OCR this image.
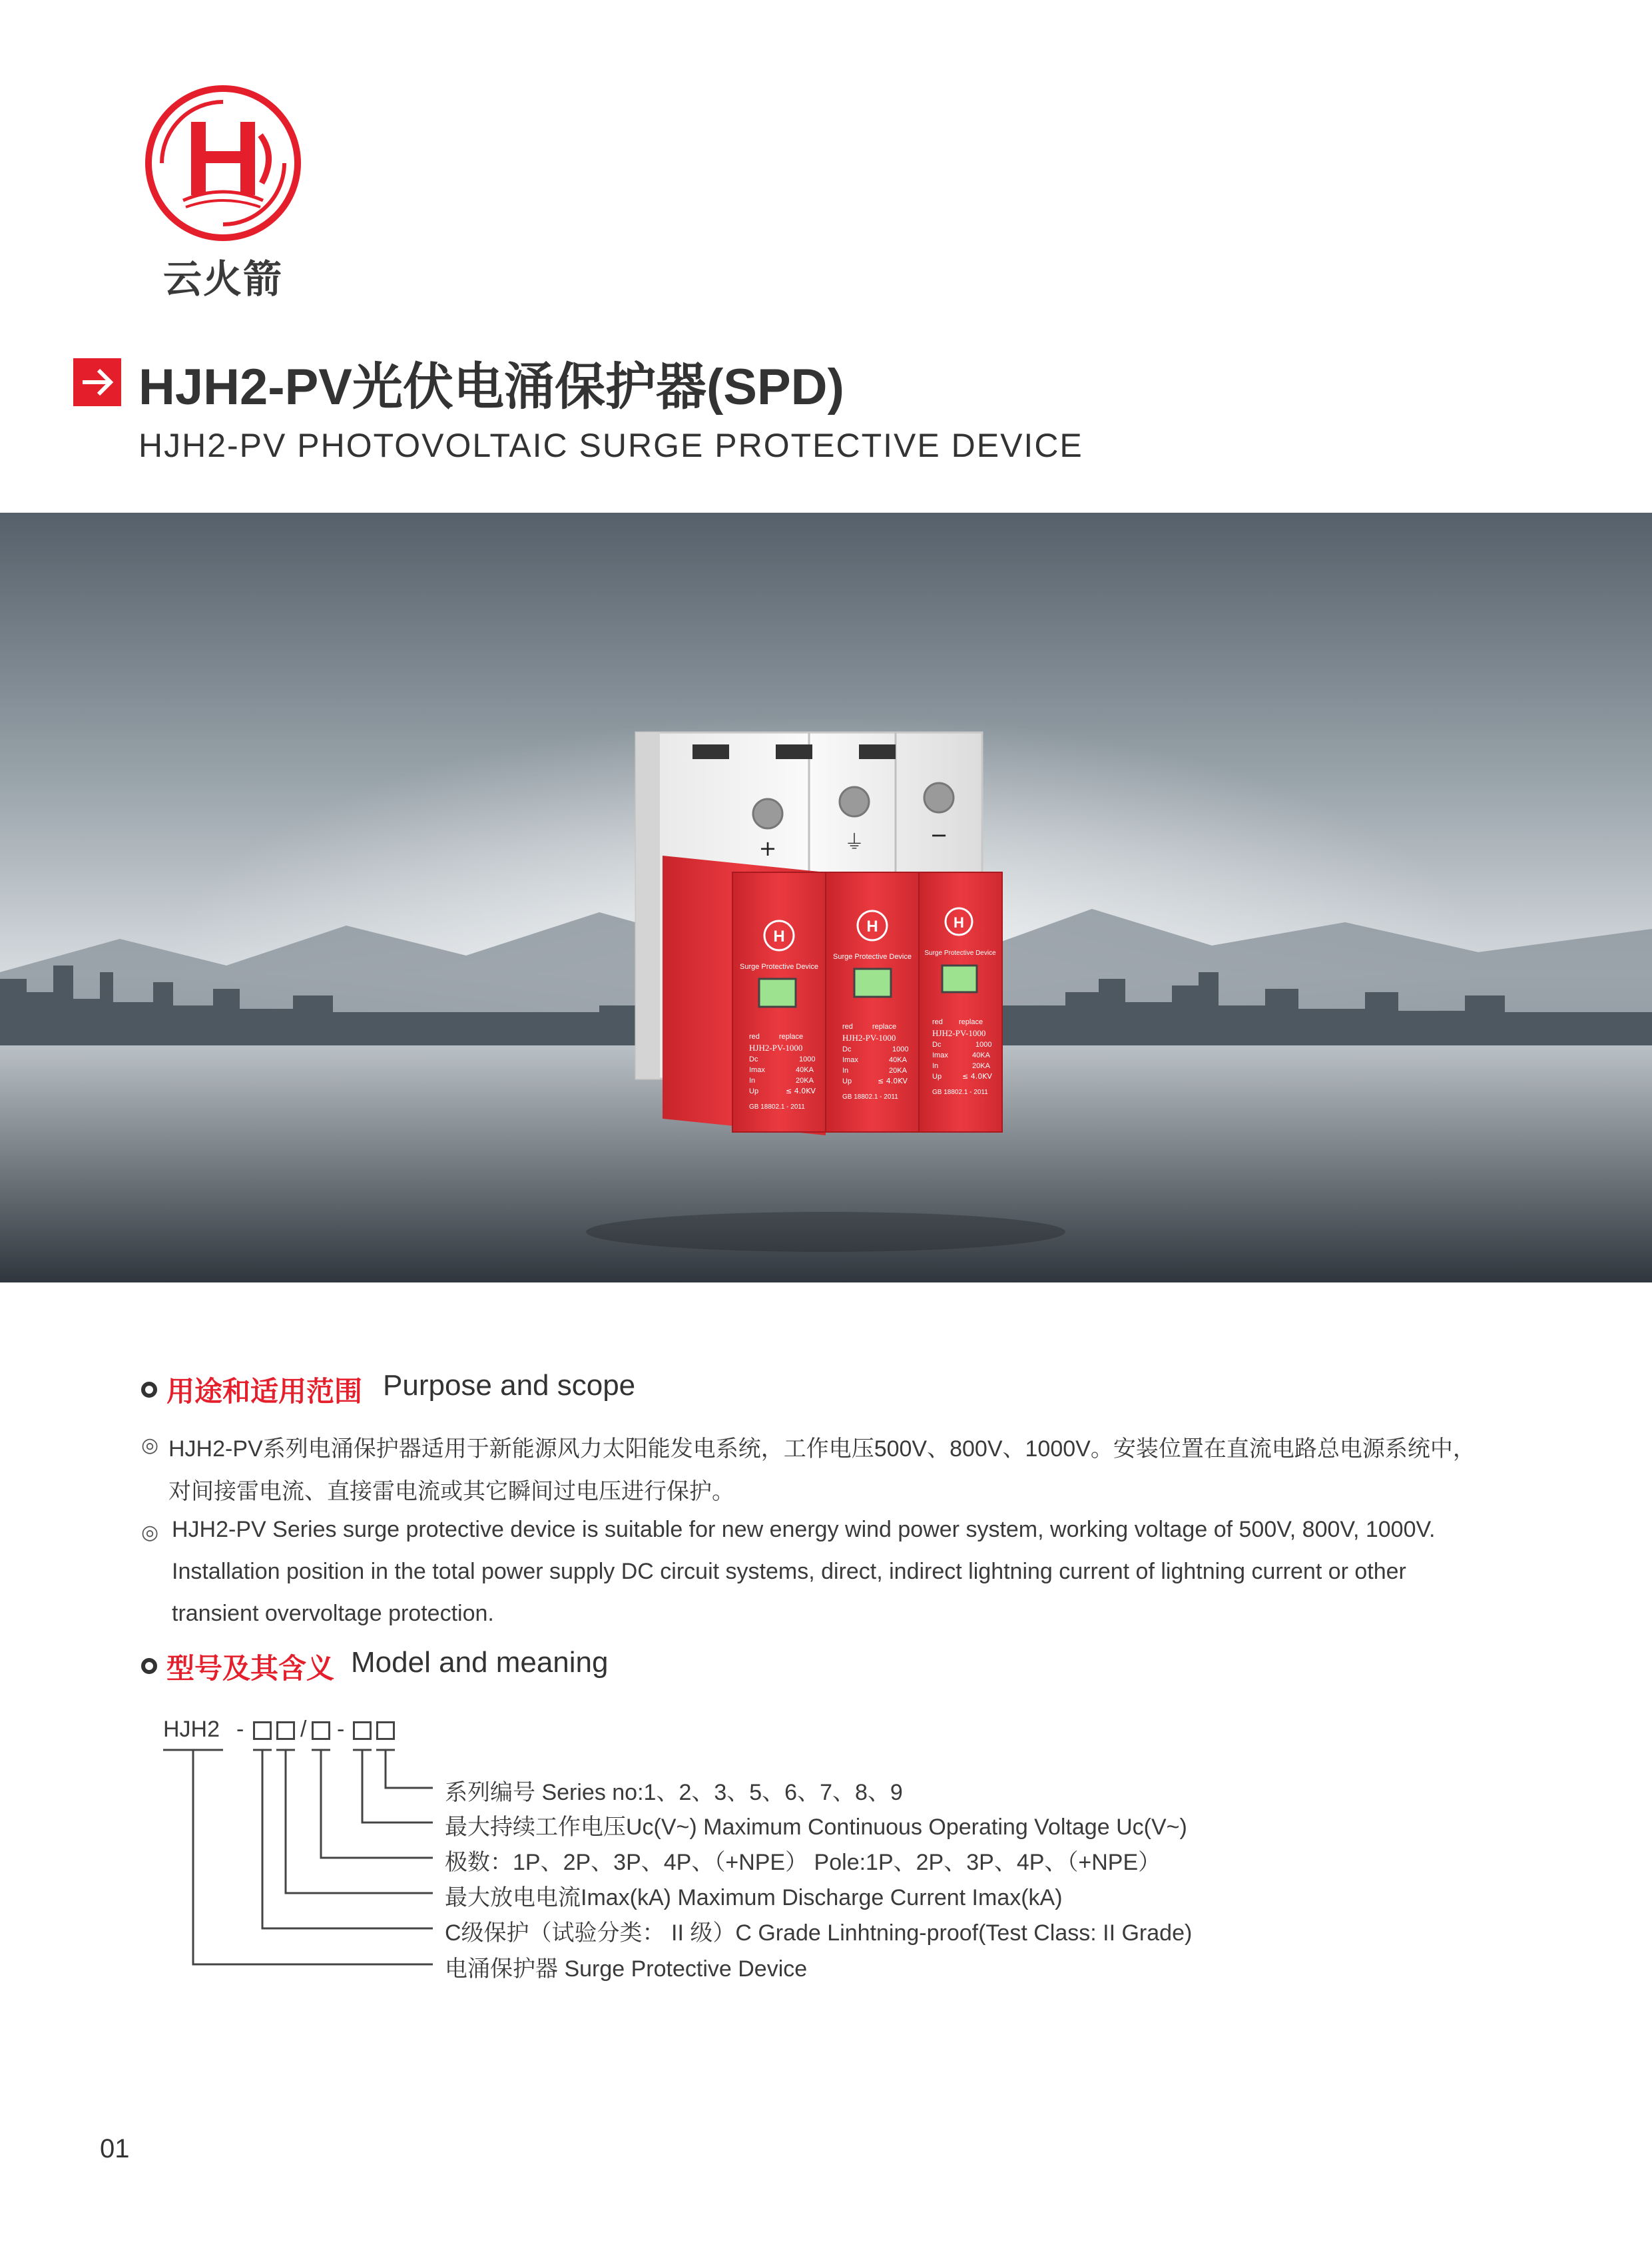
云火箭
HJH2-PV光伏电涌保护器(SPD)
HJH2-PV PHOTOVOLTAIC SURGE PROTECTIVE DEVICE
+	⏚	−
H
Surge Protective Device
red	replace
HJH2-PV-1000
Dc	1000
Imax	40KA
In	20KA
Up	≤ 4.0KV
GB 18802.1 - 2011
H
Surge Protective Device
red	replace
HJH2-PV-1000
Dc	1000
Imax	40KA
In	20KA
Up	≤ 4.0KV
GB 18802.1 - 2011
H
Surge Protective Device
red replace
HJH2-PV-1000
Dc	1000
Imax	40KA
In	20KA
Up	≤ 4.0KV
GB 18802.1 - 2011
用途和适用范围 Purpose and scope
◎ HJH2-PV系列电涌保护器适用于新能源风力太阳能发电系统，工作电压500V、800V、1000V。安装位置在直流电路总电源系统中，
对间接雷电流、直接雷电流或其它瞬间过电压进行保护。
◎ HJH2-PV Series surge protective device is suitable for new energy wind power system, working voltage of 500V, 800V, 1000V.
Installation position in the total power supply DC circuit systems, direct, indirect lightning current of lightning current or other
transient overvoltage protection.
型号及其含义 Model and meaning
HJH2 - / -
系列编号 Series no:1、2、3、5、6、7、8、9
最大持续工作电压Uc(V~) Maximum Continuous Operating Voltage Uc(V~)
极数：1P、2P、3P、4P、（+NPE） Pole:1P、2P、3P、4P、（+NPE）
最大放电电流Imax(kA) Maximum Discharge Current Imax(kA)
C级保护（试验分类： II 级）C Grade Linhtning-proof(Test Class: II Grade)
电涌保护器 Surge Protective Device
01
